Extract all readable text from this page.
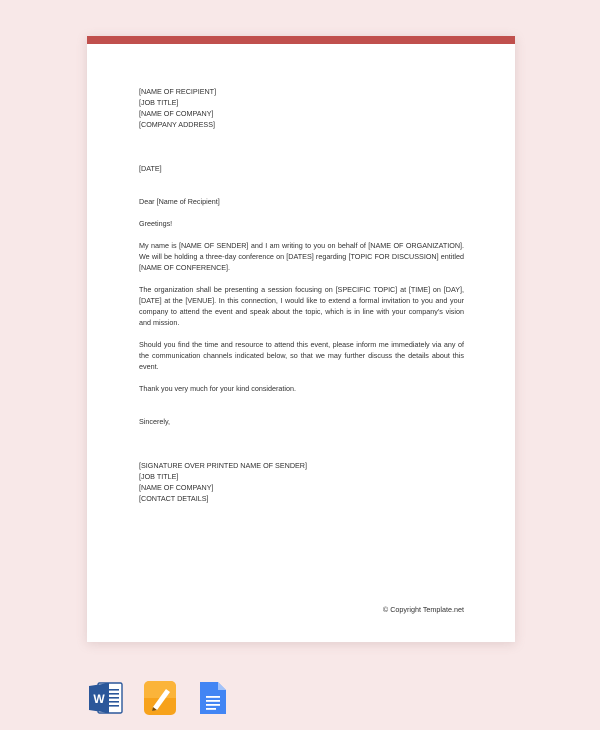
[NAME OF RECIPIENT]
[JOB TITLE]
[NAME OF COMPANY]
[COMPANY ADDRESS]
[DATE]
Dear [Name of Recipient]
Greetings!

My name is [NAME OF SENDER] and I am writing to you on behalf of [NAME OF ORGANIZATION]. We will be holding a three-day conference on [DATES] regarding [TOPIC FOR DISCUSSION] entitled [NAME OF CONFERENCE].

The organization shall be presenting a session focusing on [SPECIFIC TOPIC] at [TIME] on [DAY], [DATE] at the [VENUE]. In this connection, I would like to extend a formal invitation to you and your company to attend the event and speak about the topic, which is in line with your company’s vision and mission.

Should you find the time and resource to attend this event, please inform me immediately via any of the communication channels indicated below, so that we may further discuss the details about this event.

Thank you very much for your kind consideration.

Sincerely,
[SIGNATURE OVER PRINTED NAME OF SENDER]
[JOB TITLE]
[NAME OF COMPANY]
[CONTACT DETAILS]
© Copyright Template.net
W
